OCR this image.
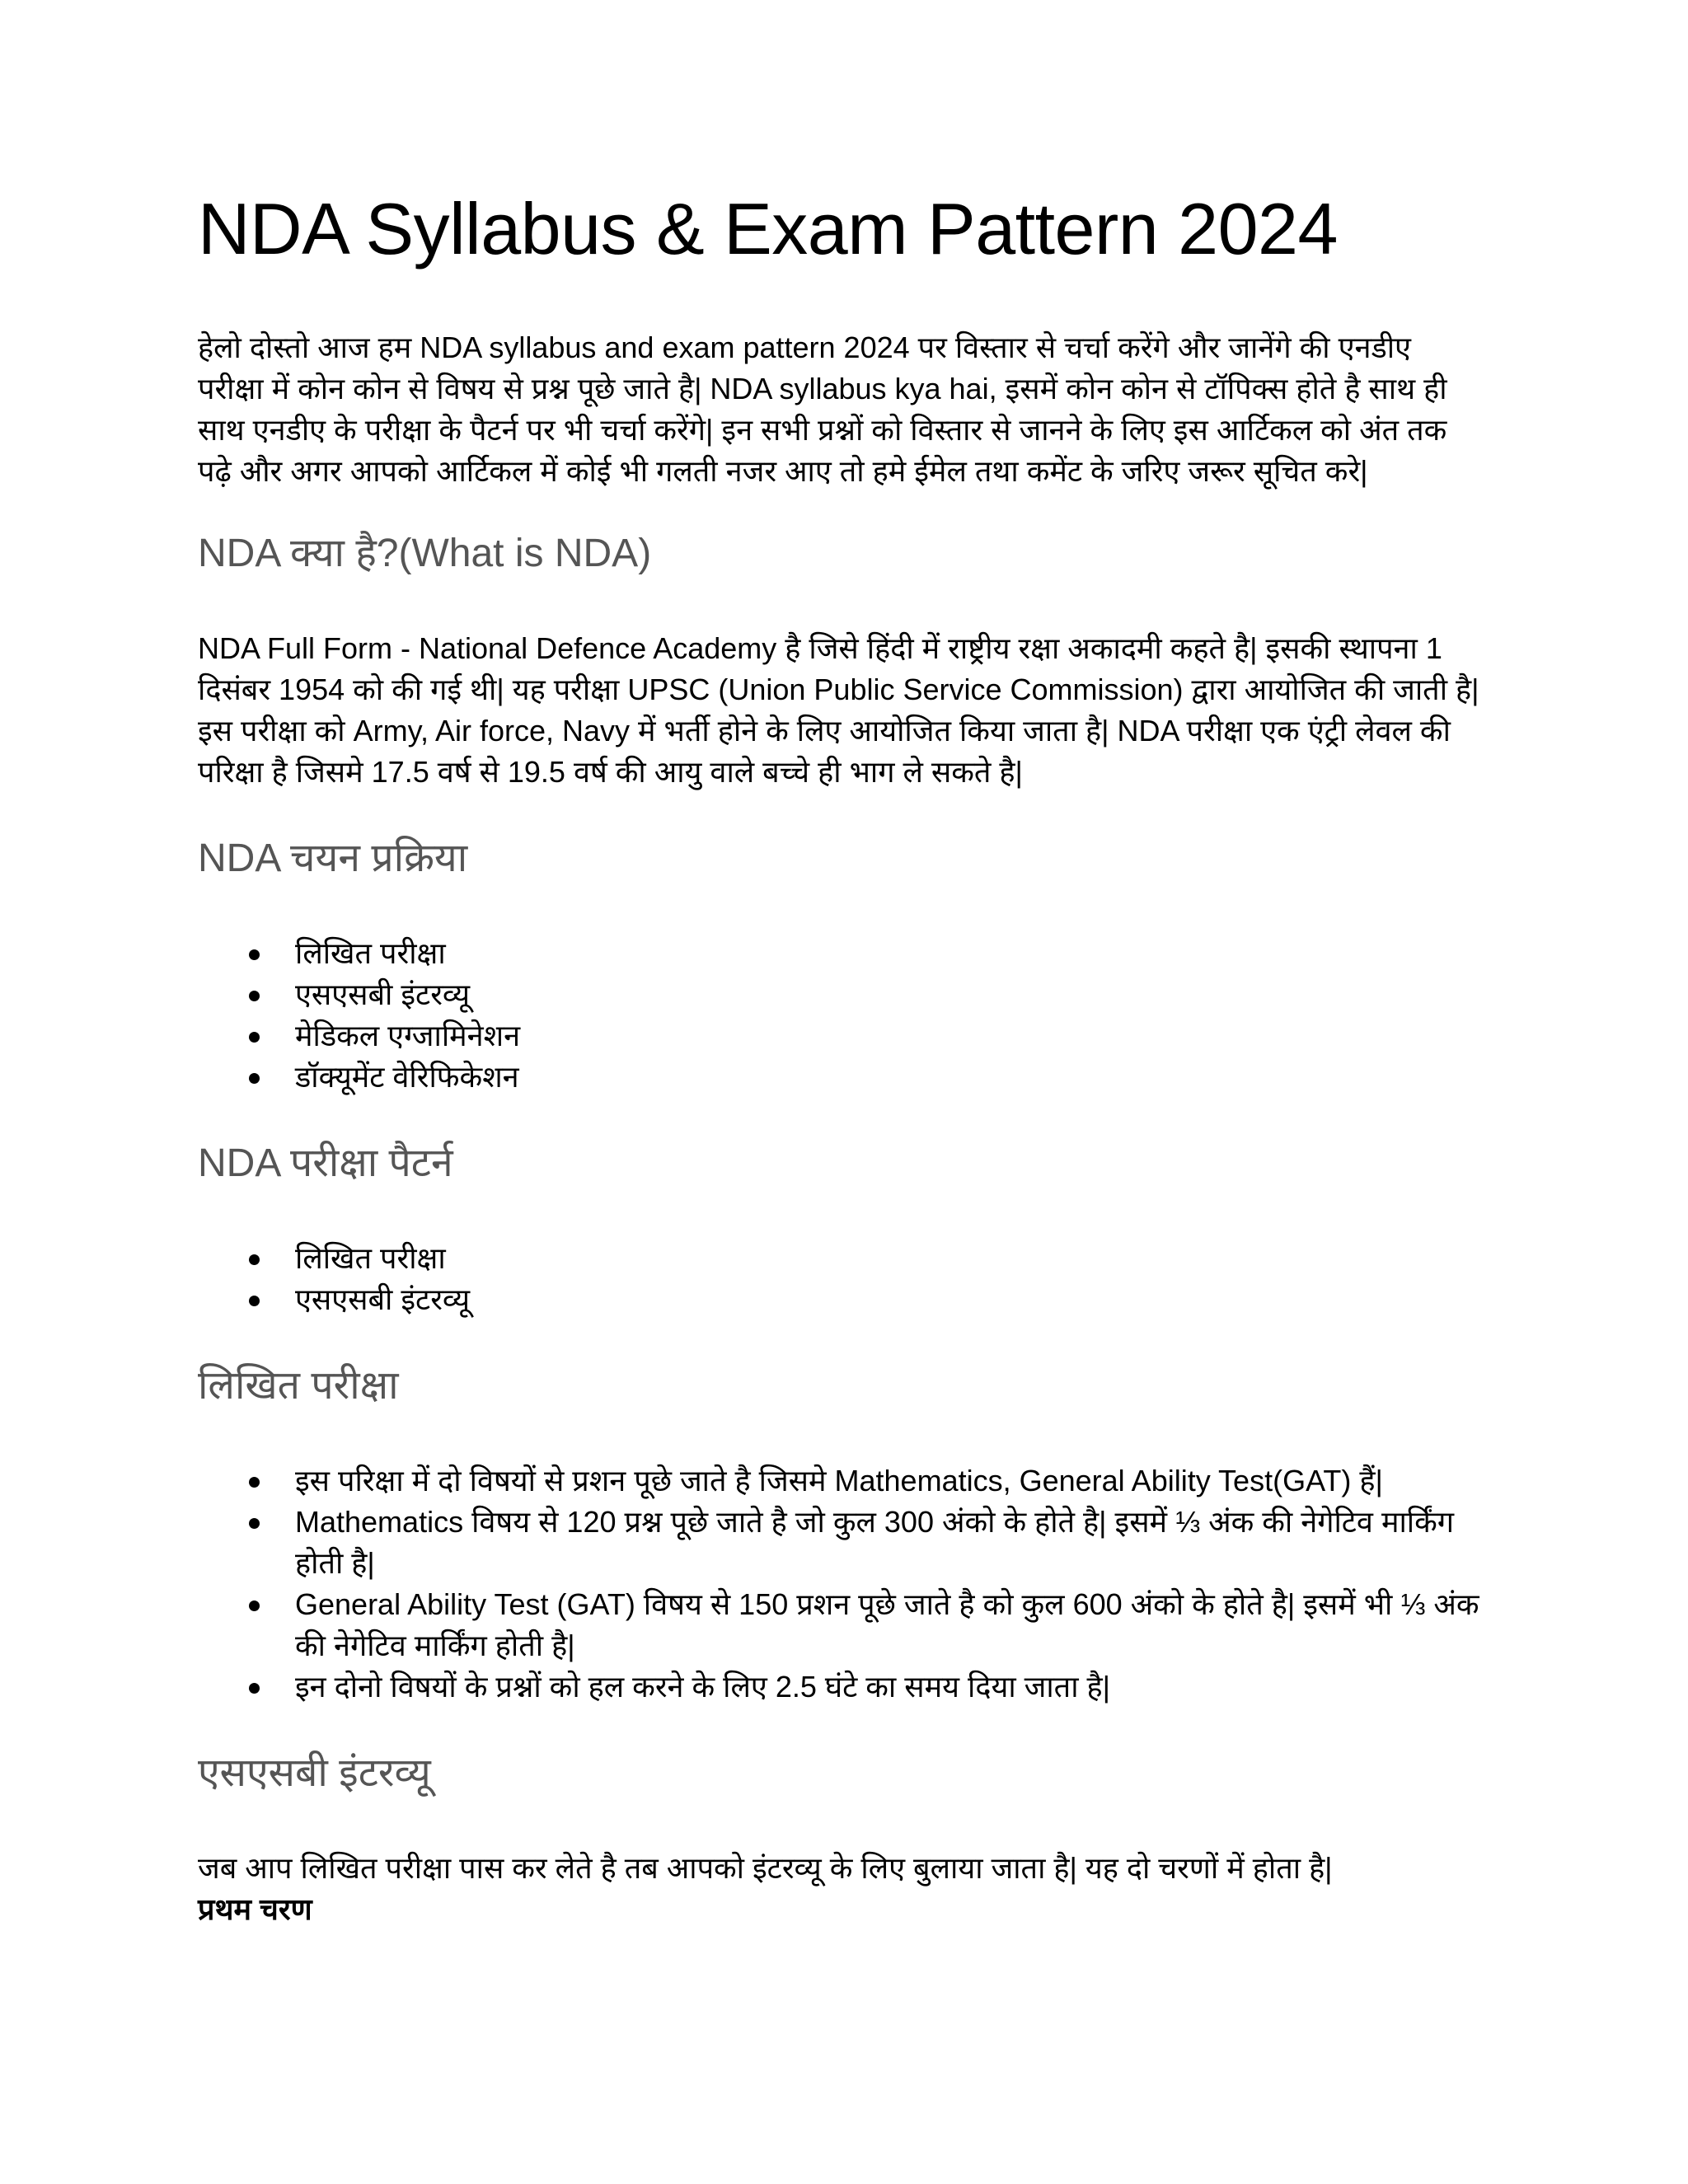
NDA Syllabus & Exam Pattern 2024

हेलो दोस्तो आज हम NDA syllabus and exam pattern 2024 पर विस्तार से चर्चा करेंगे और जानेंगे की एनडीए परीक्षा में कोन कोन से विषय से प्रश्न पूछे जाते है| NDA syllabus kya hai, इसमें कोन कोन से टॉपिक्स होते है साथ ही साथ एनडीए के परीक्षा के पैटर्न पर भी चर्चा करेंगे| इन सभी प्रश्नों को विस्तार से जानने के लिए इस आर्टिकल को अंत तक पढ़े और अगर आपको आर्टिकल में कोई भी गलती नजर आए तो हमे ईमेल तथा कमेंट के जरिए जरूर सूचित करे|

NDA क्या है?(What is NDA)

NDA Full Form - National Defence Academy है जिसे हिंदी में राष्ट्रीय रक्षा अकादमी कहते है| इसकी स्थापना 1 दिसंबर 1954 को की गई थी| यह परीक्षा UPSC (Union Public Service Commission) द्वारा आयोजित की जाती है| इस परीक्षा को Army, Air force, Navy में भर्ती होने के लिए आयोजित किया जाता है| NDA परीक्षा एक एंट्री लेवल की परिक्षा है जिसमे 17.5 वर्ष से 19.5 वर्ष की आयु वाले बच्चे ही भाग ले सकते है|

NDA चयन प्रक्रिया
लिखित परीक्षा
एसएसबी इंटरव्यू
मेडिकल एग्जामिनेशन
डॉक्यूमेंट वेरिफिकेशन
NDA परीक्षा पैटर्न
लिखित परीक्षा
एसएसबी इंटरव्यू
लिखित परीक्षा
इस परिक्षा में दो विषयों से प्रशन पूछे जाते है जिसमे Mathematics, General Ability Test(GAT) हैं|
Mathematics विषय से 120 प्रश्न पूछे जाते है जो कुल 300 अंको के होते है| इसमें ⅓ अंक की नेगेटिव मार्किंग होती है|
General Ability Test (GAT) विषय से 150 प्रशन पूछे जाते है को कुल 600 अंको के होते है| इसमें भी ⅓ अंक की नेगेटिव मार्किंग होती है|
इन दोनो विषयों के प्रश्नों को हल करने के लिए 2.5 घंटे का समय दिया जाता है|
एसएसबी इंटरव्यू

जब आप लिखित परीक्षा पास कर लेते है तब आपको इंटरव्यू के लिए बुलाया जाता है| यह दो चरणों में होता है|

प्रथम चरण
